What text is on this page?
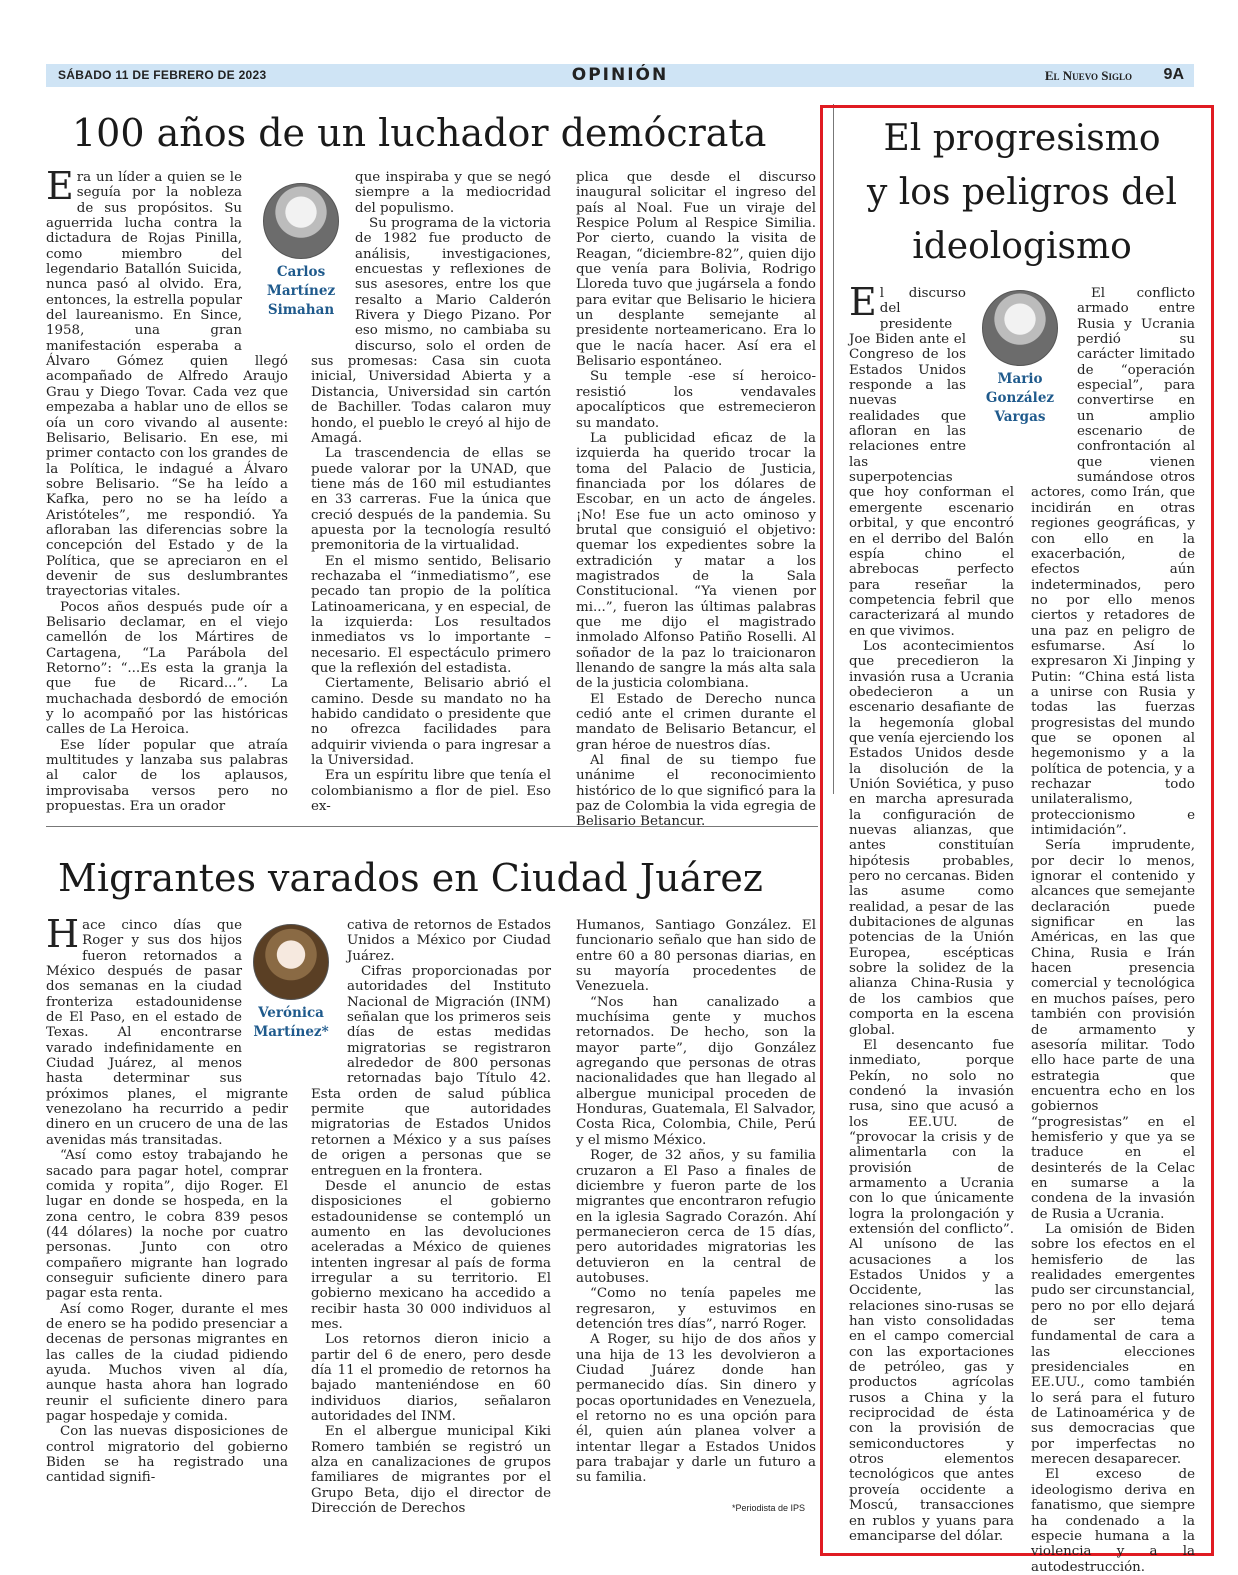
SÁBADO 11 DE FEBRERO DE 2023	OPINIÓN	El Nuevo Siglo 9A
100 años de un luchador demócrata
Carlos
Martínez
Simahan

Era un líder a quien se le seguía por la nobleza de sus propósitos. Su aguerrida lucha contra la dictadura de Rojas Pinilla, como miembro del legendario Batallón Suicida, nunca pasó al olvido. Era, entonces, la estrella popular del laureanismo. En Since, 1958, una gran manifestación esperaba a Álvaro Gómez quien llegó acompañado de Alfredo Araujo Grau y Diego Tovar. Cada vez que empezaba a hablar uno de ellos se oía un coro vivando al ausente: Belisario, Belisario. En ese, mi primer contacto con los grandes de la Política, le indagué a Álvaro sobre Belisario. “Se ha leído a Kafka, pero no se ha leído a Aristóteles”, me respondió. Ya afloraban las diferencias sobre la concepción del Estado y de la Política, que se apreciaron en el devenir de sus deslumbrantes trayectorias vitales.

Pocos años después pude oír a Belisario declamar, en el viejo camellón de los Mártires de Cartagena, “La Parábola del Retorno”: “...Es esta la granja la que fue de Ricard...”. La muchachada desbordó de emoción y lo acompañó por las históricas calles de La Heroica.

Ese líder popular que atraía multitudes y lanzaba sus palabras al calor de los aplausos, improvisaba versos pero no propuestas. Era un orador

que inspiraba y que se negó siempre a la mediocridad del populismo.

Su programa de la victoria de 1982 fue producto de análisis, investigaciones, encuestas y reflexiones de sus asesores, entre los que resalto a Mario Calderón Rivera y Diego Pizano. Por eso mismo, no cambiaba su discurso, solo el orden de sus promesas: Casa sin cuota inicial, Universidad Abierta y a Distancia, Universidad sin cartón de Bachiller. Todas calaron muy hondo, el pueblo le creyó al hijo de Amagá.

La trascendencia de ellas se puede valorar por la UNAD, que tiene más de 160 mil estudiantes en 33 carreras. Fue la única que creció después de la pandemia. Su apuesta por la tecnología resultó premonitoria de la virtualidad.

En el mismo sentido, Belisario rechazaba el “inmediatismo”, ese pecado tan propio de la política Latinoamericana, y en especial, de la izquierda: Los resultados inmediatos vs lo importante – necesario. El espectáculo primero que la reflexión del estadista.

Ciertamente, Belisario abrió el camino. Desde su mandato no ha habido candidato o presidente que no ofrezca facilidades para adquirir vivienda o para ingresar a la Universidad.

Era un espíritu libre que tenía el colombianismo a flor de piel. Eso ex-

plica que desde el discurso inaugural solicitar el ingreso del país al Noal. Fue un viraje del Respice Polum al Respice Similia. Por cierto, cuando la visita de Reagan, “diciembre-82”, quien dijo que venía para Bolivia, Rodrigo Lloreda tuvo que jugársela a fondo para evitar que Belisario le hiciera un desplante semejante al presidente norteamericano. Era lo que le nacía hacer. Así era el Belisario espontáneo.

Su temple -ese sí heroico- resistió los vendavales apocalípticos que estremecieron su mandato.

La publicidad eficaz de la izquierda ha querido trocar la toma del Palacio de Justicia, financiada por los dólares de Escobar, en un acto de ángeles. ¡No! Ese fue un acto ominoso y brutal que consiguió el objetivo: quemar los expedientes sobre la extradición y matar a los magistrados de la Sala Constitucional. “Ya vienen por mi...”, fueron las últimas palabras que me dijo el magistrado inmolado Alfonso Patiño Roselli. Al soñador de la paz lo traicionaron llenando de sangre la más alta sala de la justicia colombiana.

El Estado de Derecho nunca cedió ante el crimen durante el mandato de Belisario Betancur, el gran héroe de nuestros días.

Al final de su tiempo fue unánime el reconocimiento histórico de lo que significó para la paz de Colombia la vida egregia de Belisario Betancur.

Migrantes varados en Ciudad Juárez
Verónica
Martínez*

Hace cinco días que Roger y sus dos hijos fueron retornados a México después de pasar dos semanas en la ciudad fronteriza estadounidense de El Paso, en el estado de Texas. Al encontrarse varado indefinidamente en Ciudad Juárez, al menos hasta determinar sus próximos planes, el migrante venezolano ha recurrido a pedir dinero en un crucero de una de las avenidas más transitadas.

“Así como estoy trabajando he sacado para pagar hotel, comprar comida y ropita”, dijo Roger. El lugar en donde se hospeda, en la zona centro, le cobra 839 pesos (44 dólares) la noche por cuatro personas. Junto con otro compañero migrante han logrado conseguir suficiente dinero para pagar esta renta.

Así como Roger, durante el mes de enero se ha podido presenciar a decenas de personas migrantes en las calles de la ciudad pidiendo ayuda. Muchos viven al día, aunque hasta ahora han logrado reunir el suficiente dinero para pagar hospedaje y comida.

Con las nuevas disposiciones de control migratorio del gobierno Biden se ha registrado una cantidad signifi-

cativa de retornos de Estados Unidos a México por Ciudad Juárez.

Cifras proporcionadas por autoridades del Instituto Nacional de Migración (INM) señalan que los primeros seis días de estas medidas migratorias se registraron alrededor de 800 personas retornadas bajo Título 42. Esta orden de salud pública permite que autoridades migratorias de Estados Unidos retornen a México y a sus países de origen a personas que se entreguen en la frontera.

Desde el anuncio de estas disposiciones el gobierno estadounidense se contempló un aumento en las devoluciones aceleradas a México de quienes intenten ingresar al país de forma irregular a su territorio. El gobierno mexicano ha accedido a recibir hasta 30 000 individuos al mes.

Los retornos dieron inicio a partir del 6 de enero, pero desde día 11 el promedio de retornos ha bajado manteniéndose en 60 individuos diarios, señalaron autoridades del INM.

En el albergue municipal Kiki Romero también se registró un alza en canalizaciones de grupos familiares de migrantes por el Grupo Beta, dijo el director de Dirección de Derechos

Humanos, Santiago González. El funcionario señalo que han sido de entre 60 a 80 personas diarias, en su mayoría procedentes de Venezuela.

“Nos han canalizado a muchísima gente y muchos retornados. De hecho, son la mayor parte”, dijo González agregando que personas de otras nacionalidades que han llegado al albergue municipal proceden de Honduras, Guatemala, El Salvador, Costa Rica, Colombia, Chile, Perú y el mismo México.

Roger, de 32 años, y su familia cruzaron a El Paso a finales de diciembre y fueron parte de los migrantes que encontraron refugio en la iglesia Sagrado Corazón. Ahí permanecieron cerca de 15 días, pero autoridades migratorias les detuvieron en la central de autobuses.

“Como no tenía papeles me regresaron, y estuvimos en detención tres días”, narró Roger.

A Roger, su hijo de dos años y una hija de 13 les devolvieron a Ciudad Juárez donde han permanecido días. Sin dinero y pocas oportunidades en Venezuela, el retorno no es una opción para él, quien aún planea volver a intentar llegar a Estados Unidos para trabajar y darle un futuro a su familia.

*Periodista de IPS
El progresismo
y los peligros del
ideologismo
Mario
González
Vargas

El discurso del presidente Joe Biden ante el Congreso de los Estados Unidos responde a las nuevas realidades que afloran en las relaciones entre las superpotencias que hoy conforman el emergente escenario orbital, y que encontró en el derribo del Balón espía chino el abrebocas perfecto para reseñar la competencia febril que caracterizará al mundo en que vivimos.

Los acontecimientos que precedieron la invasión rusa a Ucrania obedecieron a un escenario desafiante de la hegemonía global que venía ejerciendo los Estados Unidos desde la disolución de la Unión Soviética, y puso en marcha apresurada la configuración de nuevas alianzas, que antes constituían hipótesis probables, pero no cercanas. Biden las asume como realidad, a pesar de las dubitaciones de algunas potencias de la Unión Europea, escépticas sobre la solidez de la alianza China-Rusia y de los cambios que comporta en la escena global.

El desencanto fue inmediato, porque Pekín, no solo no condenó la invasión rusa, sino que acusó a los EE.UU. de “provocar la crisis y de alimentarla con la provisión de armamento a Ucrania con lo que únicamente logra la prolongación y extensión del conflicto”. Al unísono de las acusaciones a los Estados Unidos y a Occidente, las relaciones sino-rusas se han visto consolidadas en el campo comercial con las exportaciones de petróleo, gas y productos agrícolas rusos a China y la reciprocidad de ésta con la provisión de semiconductores y otros elementos tecnológicos que antes proveía occidente a Moscú, transacciones en rublos y yuans para emanciparse del dólar.

El conflicto armado entre Rusia y Ucrania perdió su carácter limitado de “operación especial”, para convertirse en un amplio escenario de confrontación al que vienen sumándose otros actores, como Irán, que incidirán en otras regiones geográficas, y con ello en la exacerbación, de efectos aún indeterminados, pero no por ello menos ciertos y retadores de una paz en peligro de esfumarse. Así lo expresaron Xi Jinping y Putin: “China está lista a unirse con Rusia y todas las fuerzas progresistas del mundo que se oponen al hegemonismo y a la política de potencia, y a rechazar todo unilateralismo, proteccionismo e intimidación”.

Sería imprudente, por decir lo menos, ignorar el contenido y alcances que semejante declaración puede significar en las Américas, en las que China, Rusia e Irán hacen presencia comercial y tecnológica en muchos países, pero también con provisión de armamento y asesoría militar. Todo ello hace parte de una estrategia que encuentra echo en los gobiernos “progresistas” en el hemisferio y que ya se traduce en el desinterés de la Celac en sumarse a la condena de la invasión de Rusia a Ucrania.

La omisión de Biden sobre los efectos en el hemisferio de las realidades emergentes pudo ser circunstancial, pero no por ello dejará de ser tema fundamental de cara a las elecciones presidenciales en EE.UU., como también lo será para el futuro de Latinoamérica y de sus democracias que por imperfectas no merecen desaparecer.

El exceso de ideologismo deriva en fanatismo, que siempre ha condenado a la especie humana a la violencia y a la autodestrucción.
